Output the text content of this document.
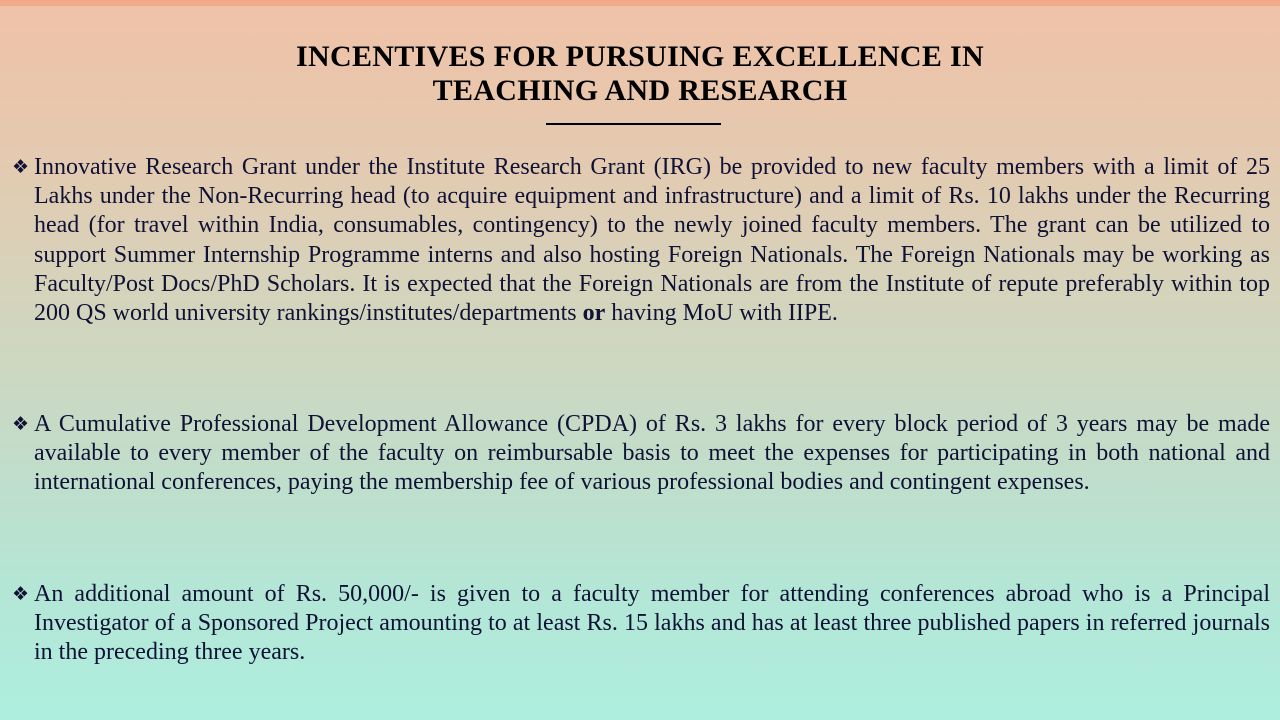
INCENTIVES FOR PURSUING EXCELLENCE IN
TEACHING AND RESEARCH
❖ Innovative Research Grant under the Institute Research Grant (IRG) be provided to new faculty members with a limit of 25 Lakhs under the Non-Recurring head (to acquire equipment and infrastructure) and a limit of Rs. 10 lakhs under the Recurring head (for travel within India, consumables, contingency) to the newly joined faculty members. The grant can be utilized to support Summer Internship Programme interns and also hosting Foreign Nationals. The Foreign Nationals may be working as Faculty/Post Docs/PhD Scholars. It is expected that the Foreign Nationals are from the Institute of repute preferably within top 200 QS world university rankings/institutes/departments or having MoU with IIPE.
❖ A Cumulative Professional Development Allowance (CPDA) of Rs. 3 lakhs for every block period of 3 years may be made available to every member of the faculty on reimbursable basis to meet the expenses for participating in both national and international conferences, paying the membership fee of various professional bodies and contingent expenses.
❖ An additional amount of Rs. 50,000/- is given to a faculty member for attending conferences abroad who is a Principal Investigator of a Sponsored Project amounting to at least Rs. 15 lakhs and has at least three published papers in referred journals in the preceding three years.
